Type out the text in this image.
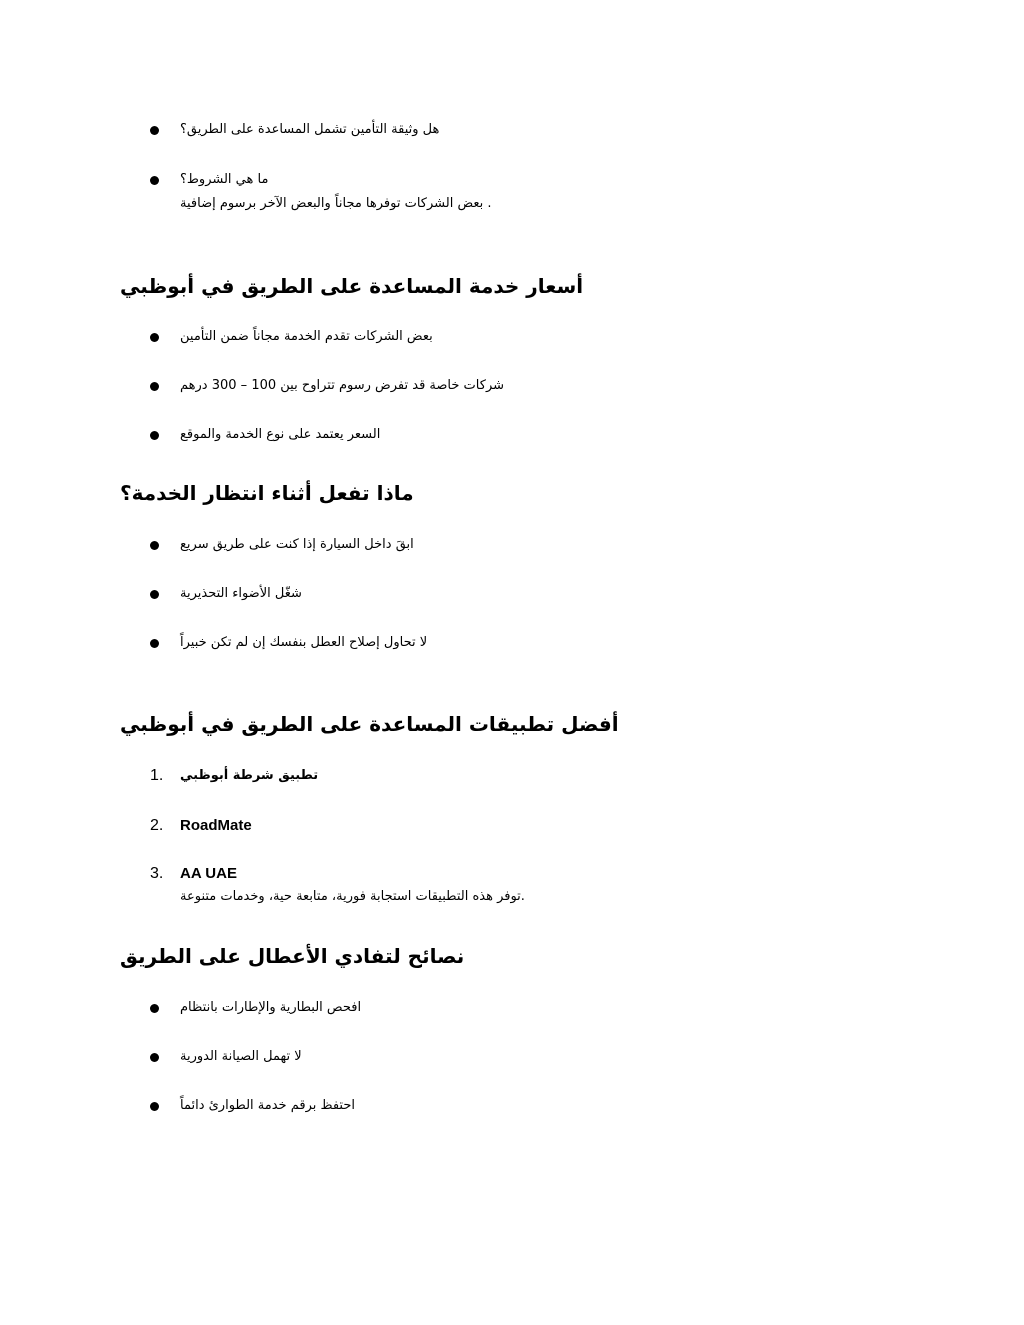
هل وثيقة التأمين تشمل المساعدة على الطريق؟
ما هي الشروط؟
. بعض الشركات توفرها مجاناً والبعض الآخر برسوم إضافية
أسعار خدمة المساعدة على الطريق في أبوظبي
بعض الشركات تقدم الخدمة مجاناً ضمن التأمين
شركات خاصة قد تفرض رسوم تتراوح بين 100 – 300 درهم
السعر يعتمد على نوع الخدمة والموقع
ماذا تفعل أثناء انتظار الخدمة؟
ابقَ داخل السيارة إذا كنت على طريق سريع
شغّل الأضواء التحذيرية
لا تحاول إصلاح العطل بنفسك إن لم تكن خبيراً
أفضل تطبيقات المساعدة على الطريق في أبوظبي
1. تطبيق شرطة أبوظبي
2. RoadMate
3. AA UAE
.توفر هذه التطبيقات استجابة فورية، متابعة حية، وخدمات متنوعة
نصائح لتفادي الأعطال على الطريق
افحص البطارية والإطارات بانتظام
لا تهمل الصيانة الدورية
احتفظ برقم خدمة الطوارئ دائماً
